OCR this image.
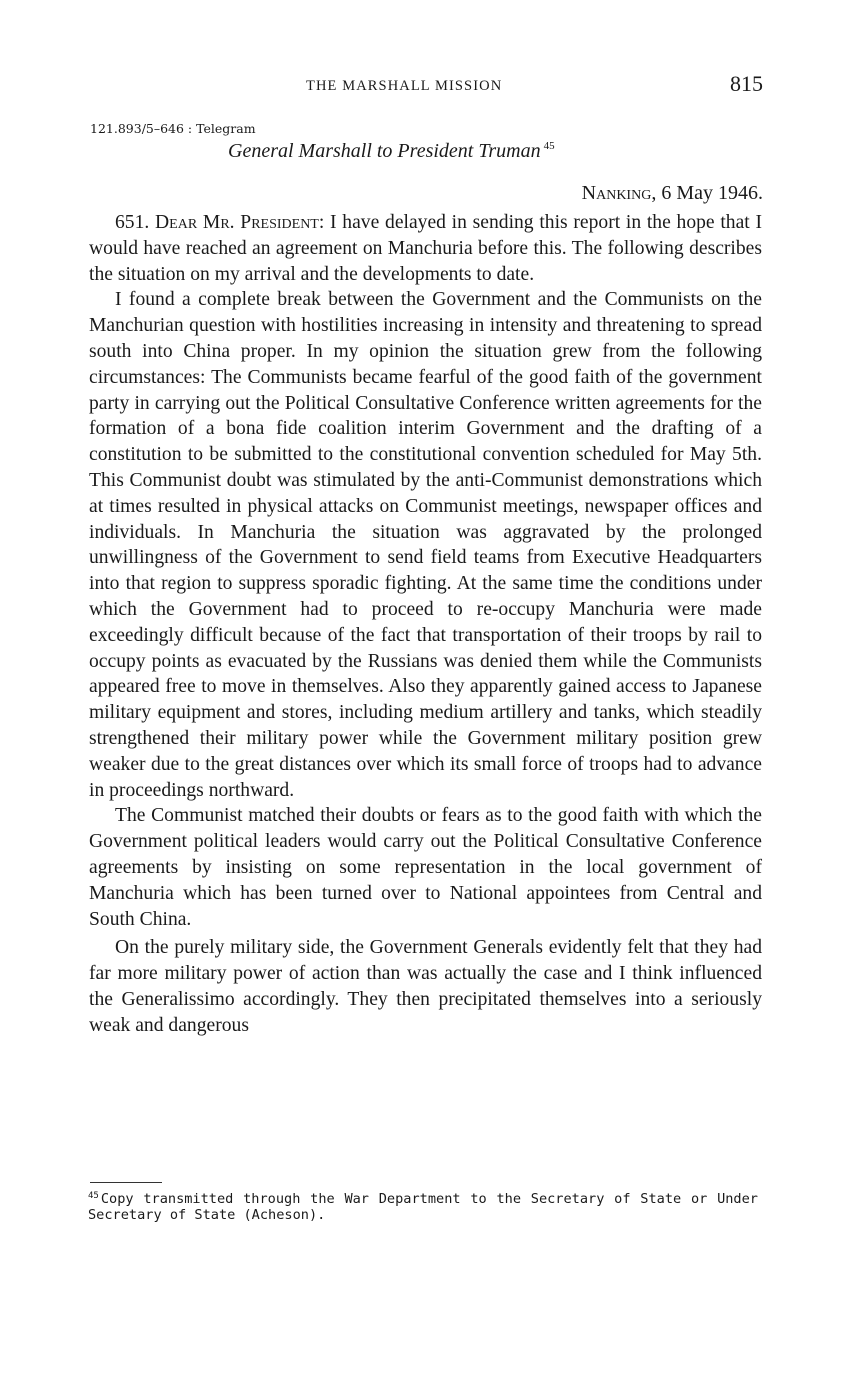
THE MARSHALL MISSION	815
121.893/5–646 : Telegram
General Marshall to President Truman $^{45}$
Nanking, 6 May 1946.

651. Dear Mr. President: I have delayed in sending this report in the hope that I would have reached an agreement on Manchuria before this. The following describes the situation on my arrival and the developments to date.

I found a complete break between the Government and the Communists on the Manchurian question with hostilities increasing in intensity and threatening to spread south into China proper. In my opinion the situation grew from the following circumstances: The Communists became fearful of the good faith of the government party in carrying out the Political Consultative Conference written agreements for the formation of a bona fide coalition interim Government and the drafting of a constitution to be submitted to the constitutional convention scheduled for May 5th. This Communist doubt was stimulated by the anti-Communist demonstrations which at times resulted in physical attacks on Communist meetings, newspaper offices and individuals. In Manchuria the situation was aggravated by the prolonged unwillingness of the Government to send field teams from Executive Headquarters into that region to suppress sporadic fighting. At the same time the conditions under which the Government had to proceed to re-occupy Manchuria were made exceedingly difficult because of the fact that transportation of their troops by rail to occupy points as evacuated by the Russians was denied them while the Communists appeared free to move in themselves. Also they apparently gained access to Japanese military equipment and stores, including medium artillery and tanks, which steadily strengthened their military power while the Government military position grew weaker due to the great distances over which its small force of troops had to advance in proceedings northward.

The Communist matched their doubts or fears as to the good faith with which the Government political leaders would carry out the Political Consultative Conference agreements by insisting on some representation in the local government of Manchuria which has been turned over to National appointees from Central and South China.

On the purely military side, the Government Generals evidently felt that they had far more military power of action than was actually the case and I think influenced the Generalissimo accordingly. They then precipitated themselves into a seriously weak and dangerous

$^{45}$ Copy transmitted through the War Department to the Secretary of State or Under Secretary of State (Acheson).
